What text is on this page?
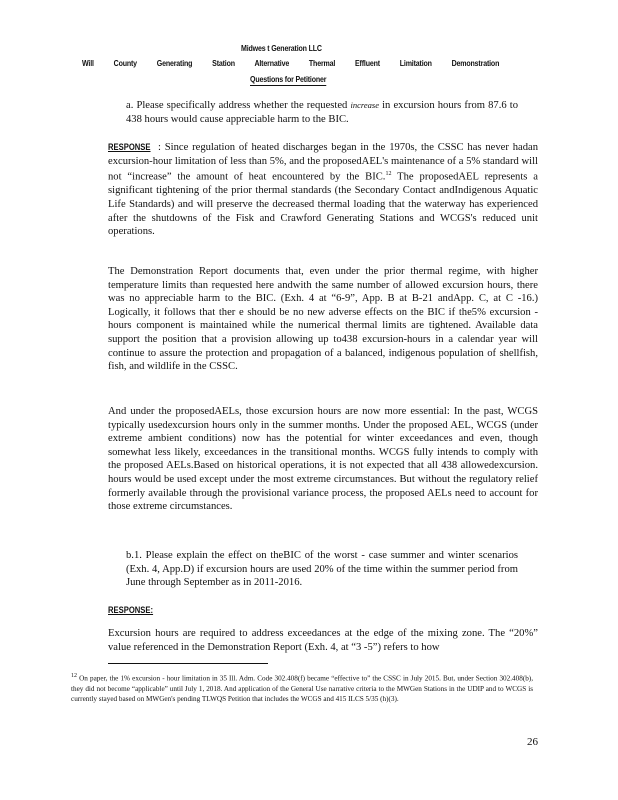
Midwes t Generation LLC
Will County Generating Station Alternative Thermal Effluent Limitation Demonstration
Questions for Petitioner
a. Please specifically address whether the requested increase in excursion hours from 87.6 to 438 hours would cause appreciable harm to the BIC.
RESPONSE : Since regulation of heated discharges began in the 1970s, the CSSC has never hadan excursion-hour limitation of less than 5%, and the proposedAEL's maintenance of a 5% standard will not “increase” the amount of heat encountered by the BIC.$^{12}$ The proposedAEL represents a significant tightening of the prior thermal standards (the Secondary Contact andIndigenous Aquatic Life Standards) and will preserve the decreased thermal loading that the waterway has experienced after the shutdowns of the Fisk and Crawford Generating Stations and WCGS's reduced unit operations.
The Demonstration Report documents that, even under the prior thermal regime, with higher temperature limits than requested here andwith the same number of allowed excursion hours, there was no appreciable harm to the BIC. (Exh. 4 at “6-9”, App. B at B-21 andApp. C, at C -16.) Logically, it follows that ther e should be no new adverse effects on the BIC if the5% excursion -hours component is maintained while the numerical thermal limits are tightened. Available data support the position that a provision allowing up to438 excursion-hours in a calendar year will continue to assure the protection and propagation of a balanced, indigenous population of shellfish, fish, and wildlife in the CSSC.
And under the proposedAELs, those excursion hours are now more essential: In the past, WCGS typically usedexcursion hours only in the summer months. Under the proposed AEL, WCGS (under extreme ambient conditions) now has the potential for winter exceedances and even, though somewhat less likely, exceedances in the transitional months. WCGS fully intends to comply with the proposed AELs.Based on historical operations, it is not expected that all 438 allowedexcursion. hours would be used except under the most extreme circumstances. But without the regulatory relief formerly available through the provisional variance process, the proposed AELs need to account for those extreme circumstances.
b.1. Please explain the effect on theBIC of the worst - case summer and winter scenarios (Exh. 4, App.D) if excursion hours are used 20% of the time within the summer period from June through September as in 2011-2016.
RESPONSE:
Excursion hours are required to address exceedances at the edge of the mixing zone. The “20%” value referenced in the Demonstration Report (Exh. 4, at “3 -5”) refers to how
$^{12}$ On paper, the 1% excursion - hour limitation in 35 Ill. Adm. Code 302.408(f) became “effective to” the CSSC in July 2015. But, under Section 302.408(b), they did not become “applicable” until July 1, 2018. And application of the General Use narrative criteria to the MWGen Stations in the UDIP and to WCGS is currently stayed based on MWGen's pending TLWQS Petition that includes the WCGS and 415 ILCS 5/35 (h)(3).
26
